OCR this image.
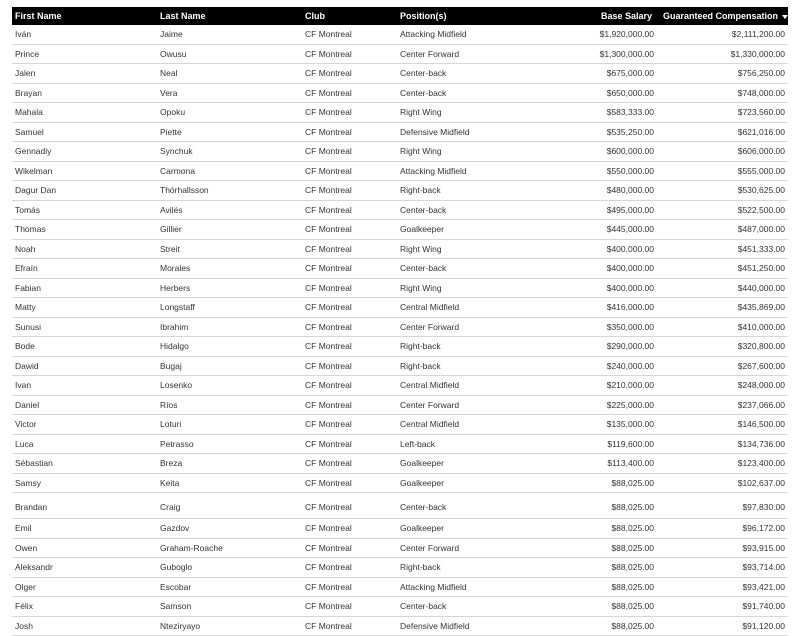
First Name	Last Name	Club	Position(s)	Base Salary	Guaranteed Compensation
Iván	Jaime	CF Montreal	Attacking Midfield	$1,920,000.00	$2,111,200.00
Prince	Owusu	CF Montreal	Center Forward	$1,300,000.00	$1,330,000.00
Jalen	Neal	CF Montreal	Center-back	$675,000.00	$756,250.00
Brayan	Vera	CF Montreal	Center-back	$650,000.00	$748,000.00
Mahala	Opoku	CF Montreal	Right Wing	$583,333.00	$723,560.00
Samuel	Piette	CF Montreal	Defensive Midfield	$535,250.00	$621,016.00
Gennadiy	Synchuk	CF Montreal	Right Wing	$600,000.00	$606,000.00
Wikelman	Carmona	CF Montreal	Attacking Midfield	$550,000.00	$555,000.00
Dagur Dan	Thórhallsson	CF Montreal	Right-back	$480,000.00	$530,625.00
Tomás	Avilés	CF Montreal	Center-back	$495,000.00	$522,500.00
Thomas	Gillier	CF Montreal	Goalkeeper	$445,000.00	$487,000.00
Noah	Streit	CF Montreal	Right Wing	$400,000.00	$451,333.00
Efraín	Morales	CF Montreal	Center-back	$400,000.00	$451,250.00
Fabian	Herbers	CF Montreal	Right Wing	$400,000.00	$440,000.00
Matty	Longstaff	CF Montreal	Central Midfield	$416,000.00	$435,869.00
Sunusi	Ibrahim	CF Montreal	Center Forward	$350,000.00	$410,000.00
Bode	Hidalgo	CF Montreal	Right-back	$290,000.00	$320,800.00
Dawid	Bugaj	CF Montreal	Right-back	$240,000.00	$267,600.00
Ivan	Losenko	CF Montreal	Central Midfield	$210,000.00	$248,000.00
Daniel	Ríos	CF Montreal	Center Forward	$225,000.00	$237,066.00
Victor	Loturi	CF Montreal	Central Midfield	$135,000.00	$146,500.00
Luca	Petrasso	CF Montreal	Left-back	$119,600.00	$134,736.00
Sébastian	Breza	CF Montreal	Goalkeeper	$113,400.00	$123,400.00
Samsy	Keita	CF Montreal	Goalkeeper	$88,025.00	$102,637.00
Brandan	Craig	CF Montreal	Center-back	$88,025.00	$97,830.00
Emil	Gazdov	CF Montreal	Goalkeeper	$88,025.00	$96,172.00
Owen	Graham-Roache	CF Montreal	Center Forward	$88,025.00	$93,915.00
Aleksandr	Guboglo	CF Montreal	Right-back	$88,025.00	$93,714.00
Olger	Escobar	CF Montreal	Attacking Midfield	$88,025.00	$93,421.00
Félix	Samson	CF Montreal	Center-back	$88,025.00	$91,740.00
Josh	Nteziryayo	CF Montreal	Defensive Midfield	$88,025.00	$91,120.00
